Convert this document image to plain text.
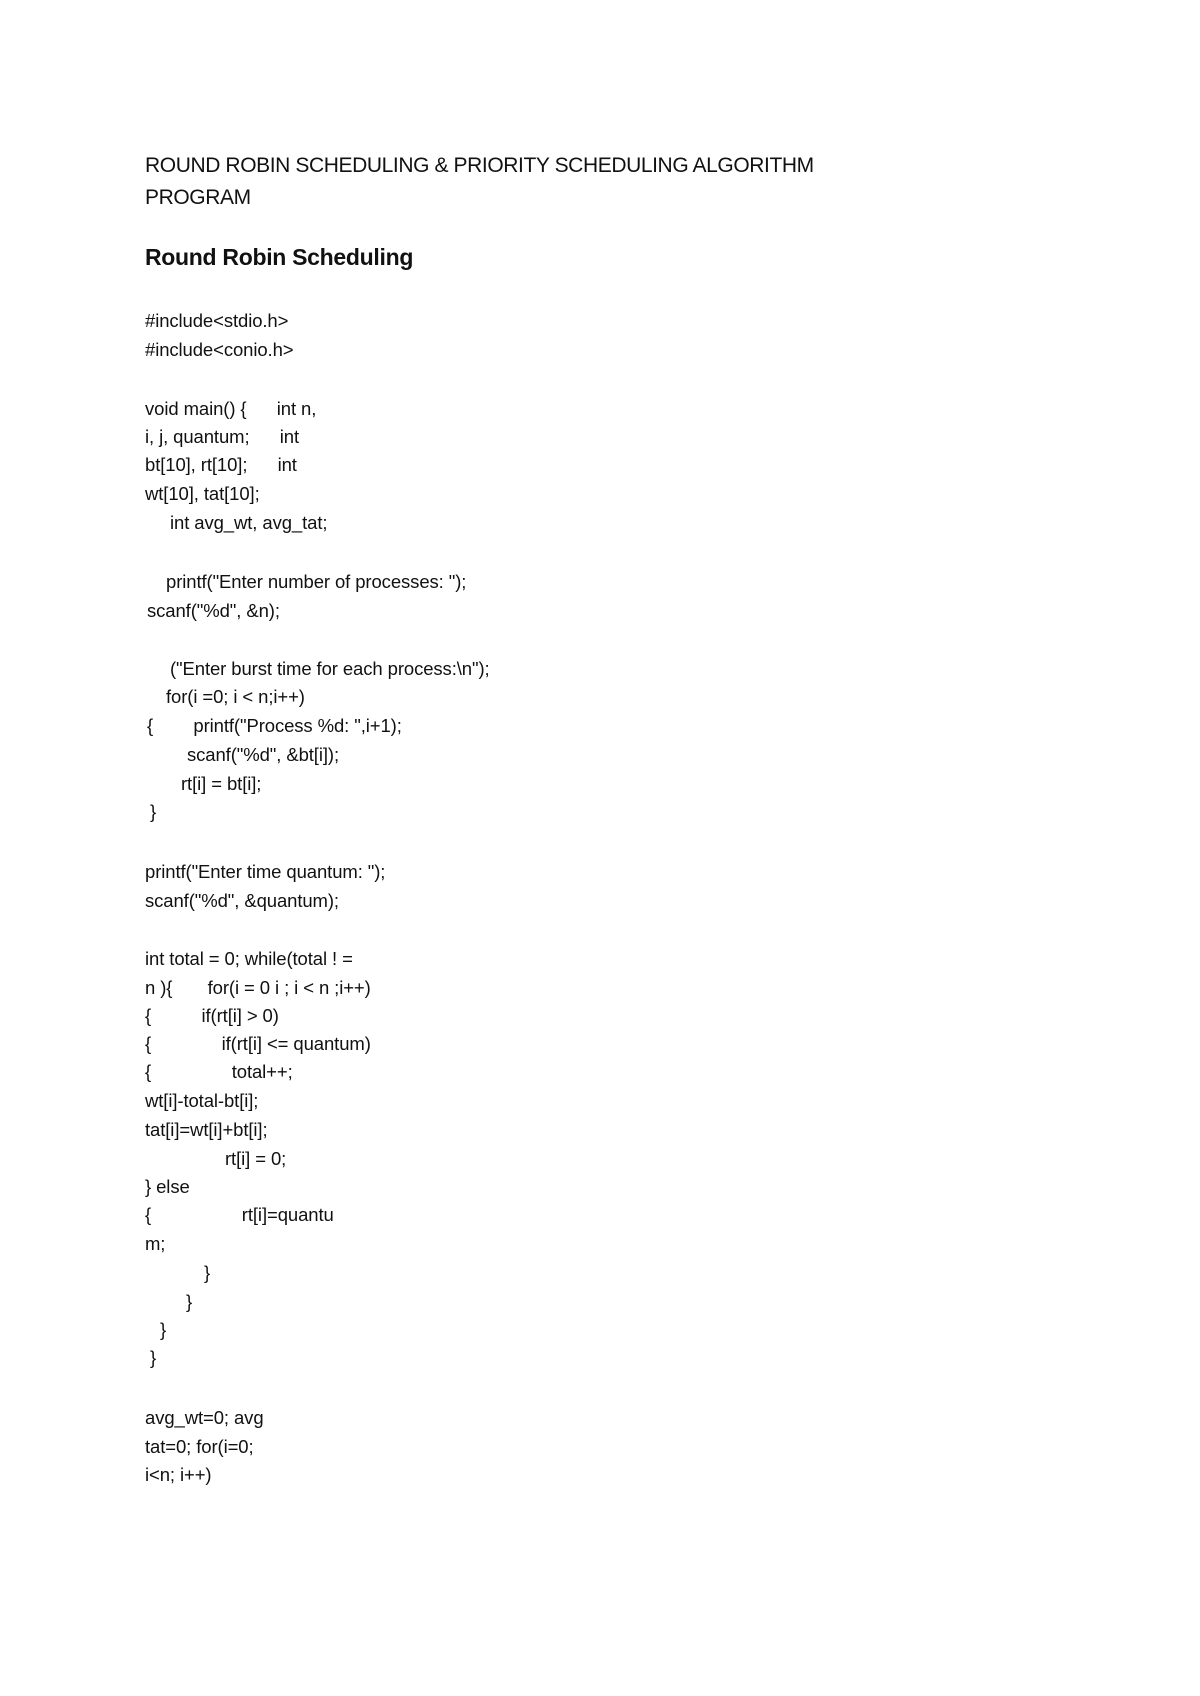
ROUND ROBIN SCHEDULING & PRIORITY SCHEDULING ALGORITHM
PROGRAM
Round Robin Scheduling
#include<stdio.h>
#include<conio.h>
void main() {      int n,
i, j, quantum;      int
bt[10], rt[10];      int
wt[10], tat[10];
int avg_wt, avg_tat;
printf("Enter number of processes: ");
scanf("%d", &n);
("Enter burst time for each process:\n");
for(i =0; i < n;i++)
{        printf("Process %d: ",i+1);
scanf("%d", &bt[i]);
rt[i] = bt[i];
}
printf("Enter time quantum: ");
scanf("%d", &quantum);
int total = 0; while(total ! =
n ){       for(i = 0 i ; i < n ;i++)
{          if(rt[i] > 0)
{              if(rt[i] <= quantum)
{                total++;
wt[i]-total-bt[i];
tat[i]=wt[i]+bt[i];
rt[i] = 0;
} else
{                  rt[i]=quantu
m;
}
}
}
}
avg_wt=0; avg
tat=0; for(i=0;
i<n; i++)
